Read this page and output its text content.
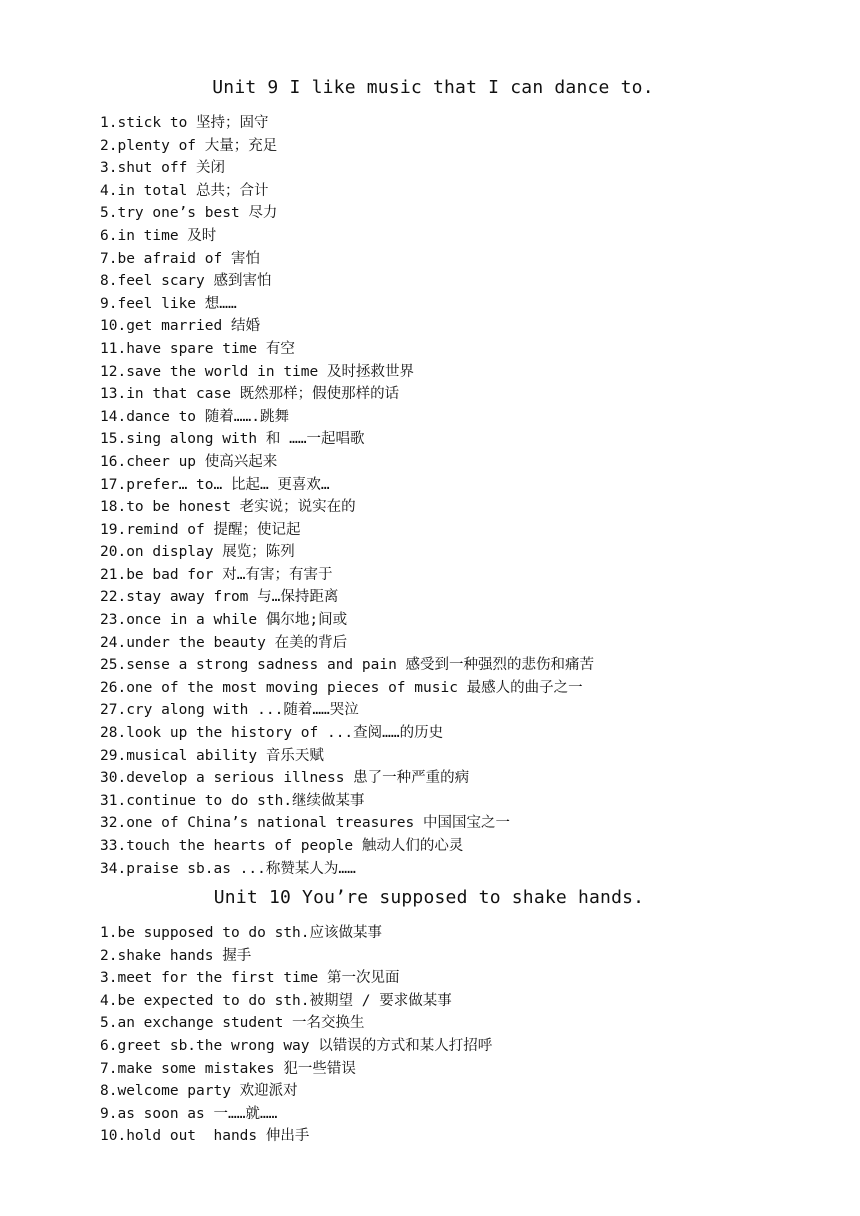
Unit 9 I like music that I can dance to.
1.stick to 坚持；固守
2.plenty of 大量；充足
3.shut off 关闭
4.in total 总共；合计
5.try one’s best 尽力
6.in time 及时
7.be afraid of 害怕
8.feel scary 感到害怕
9.feel like 想……
10.get married 结婚
11.have spare time 有空
12.save the world in time 及时拯救世界
13.in that case 既然那样；假使那样的话
14.dance to 随着…….跳舞
15.sing along with 和 ……一起唱歌
16.cheer up 使高兴起来
17.prefer… to… 比起… 更喜欢…
18.to be honest 老实说；说实在的
19.remind of 提醒；使记起
20.on display 展览；陈列
21.be bad for 对…有害；有害于
22.stay away from 与…保持距离
23.once in a while 偶尔地;间或
24.under the beauty 在美的背后
25.sense a strong sadness and pain 感受到一种强烈的悲伤和痛苦
26.one of the most moving pieces of music 最感人的曲子之一
27.cry along with ...随着……哭泣
28.look up the history of ...查阅……的历史
29.musical ability 音乐天赋
30.develop a serious illness 患了一种严重的病
31.continue to do sth.继续做某事
32.one of China’s national treasures 中国国宝之一
33.touch the hearts of people 触动人们的心灵
34.praise sb.as ...称赞某人为……
Unit 10 You’re supposed to shake hands.
1.be supposed to do sth.应该做某事
2.shake hands 握手
3.meet for the first time 第一次见面
4.be expected to do sth.被期望 / 要求做某事
5.an exchange student 一名交换生
6.greet sb.the wrong way 以错误的方式和某人打招呼
7.make some mistakes 犯一些错误
8.welcome party 欢迎派对
9.as soon as 一……就……
10.hold out  hands 伸出手
